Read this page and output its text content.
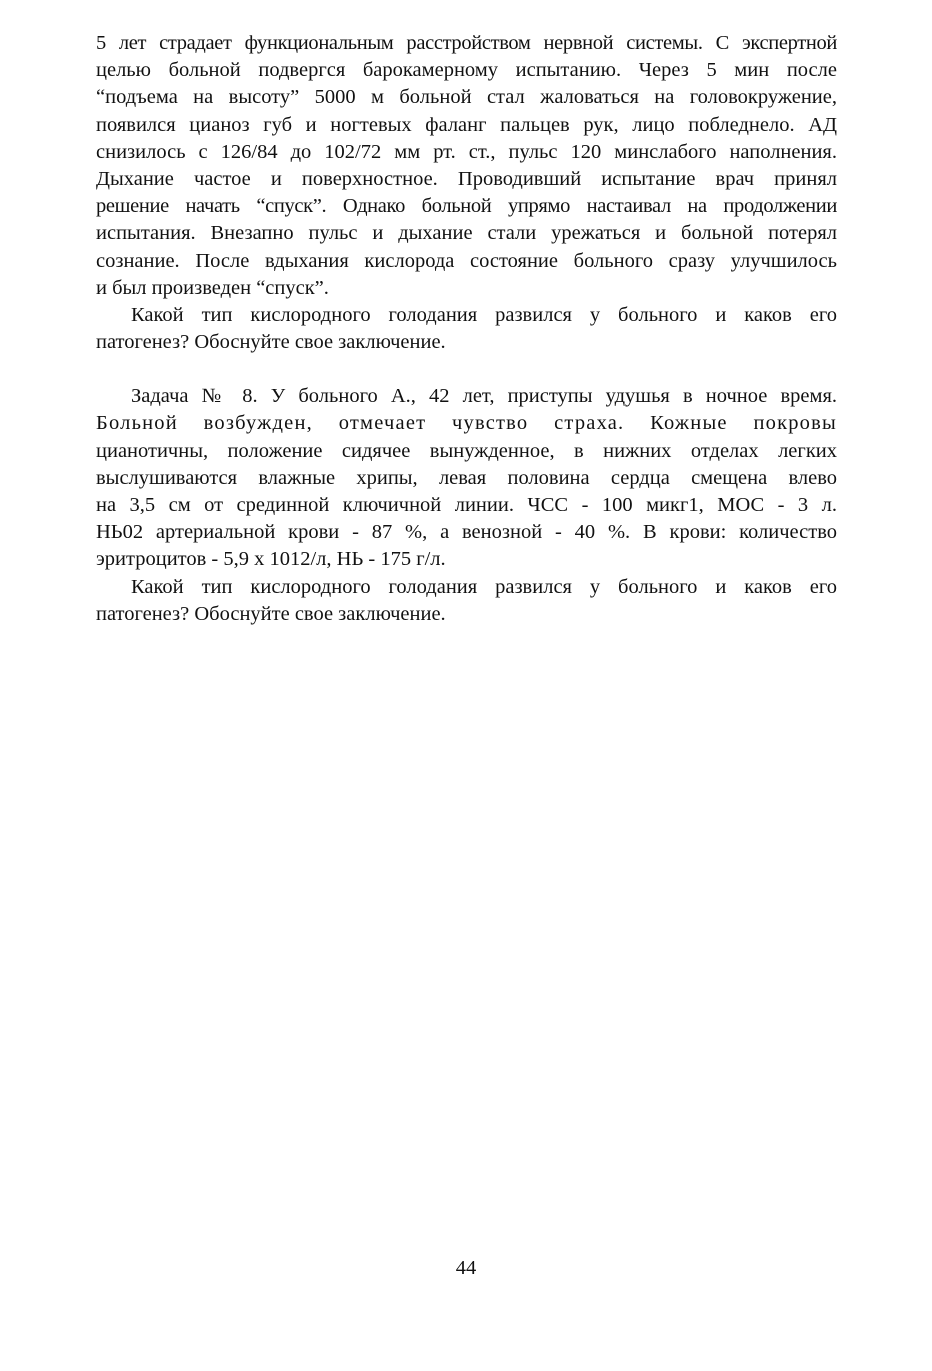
5 лет страдает функциональным расстройством нервной системы. С экспертной
целью больной подвергся барокамерному испытанию. Через 5 мин после
“подъема на высоту” 5000 м больной стал жаловаться на головокружение,
появился цианоз губ и ногтевых фаланг пальцев рук, лицо побледнело. АД
снизилось с 126/84 до 102/72 мм рт. ст., пульс 120 минслабого наполнения.
Дыхание частое и поверхностное. Проводивший испытание врач принял
решение начать “спуск”. Однако больной упрямо настаивал на продолжении
испытания. Внезапно пульс и дыхание стали урежаться и больной потерял
сознание. После вдыхания кислорода состояние больного сразу улучшилось
и был произведен “спуск”.
Какой тип кислородного голодания развился у больного и каков его
патогенез? Обоснуйте свое заключение.
Задача № 8. У больного А., 42 лет, приступы удушья в ночное время.
Больной возбужден, отмечает чувство страха. Кожные покровы
цианотичны, положение сидячее вынужденное, в нижних отделах легких
выслушиваются влажные хрипы, левая половина сердца смещена влево
на 3,5 см от срединной ключичной линии. ЧСС - 100 микг1, МОС - 3 л.
НЬ02 артериальной крови - 87 %, а венозной - 40 %. В крови: количество
эритроцитов - 5,9 х 1012/л, НЬ - 175 г/л.
Какой тип кислородного голодания развился у больного и каков его
патогенез? Обоснуйте свое заключение.
44
